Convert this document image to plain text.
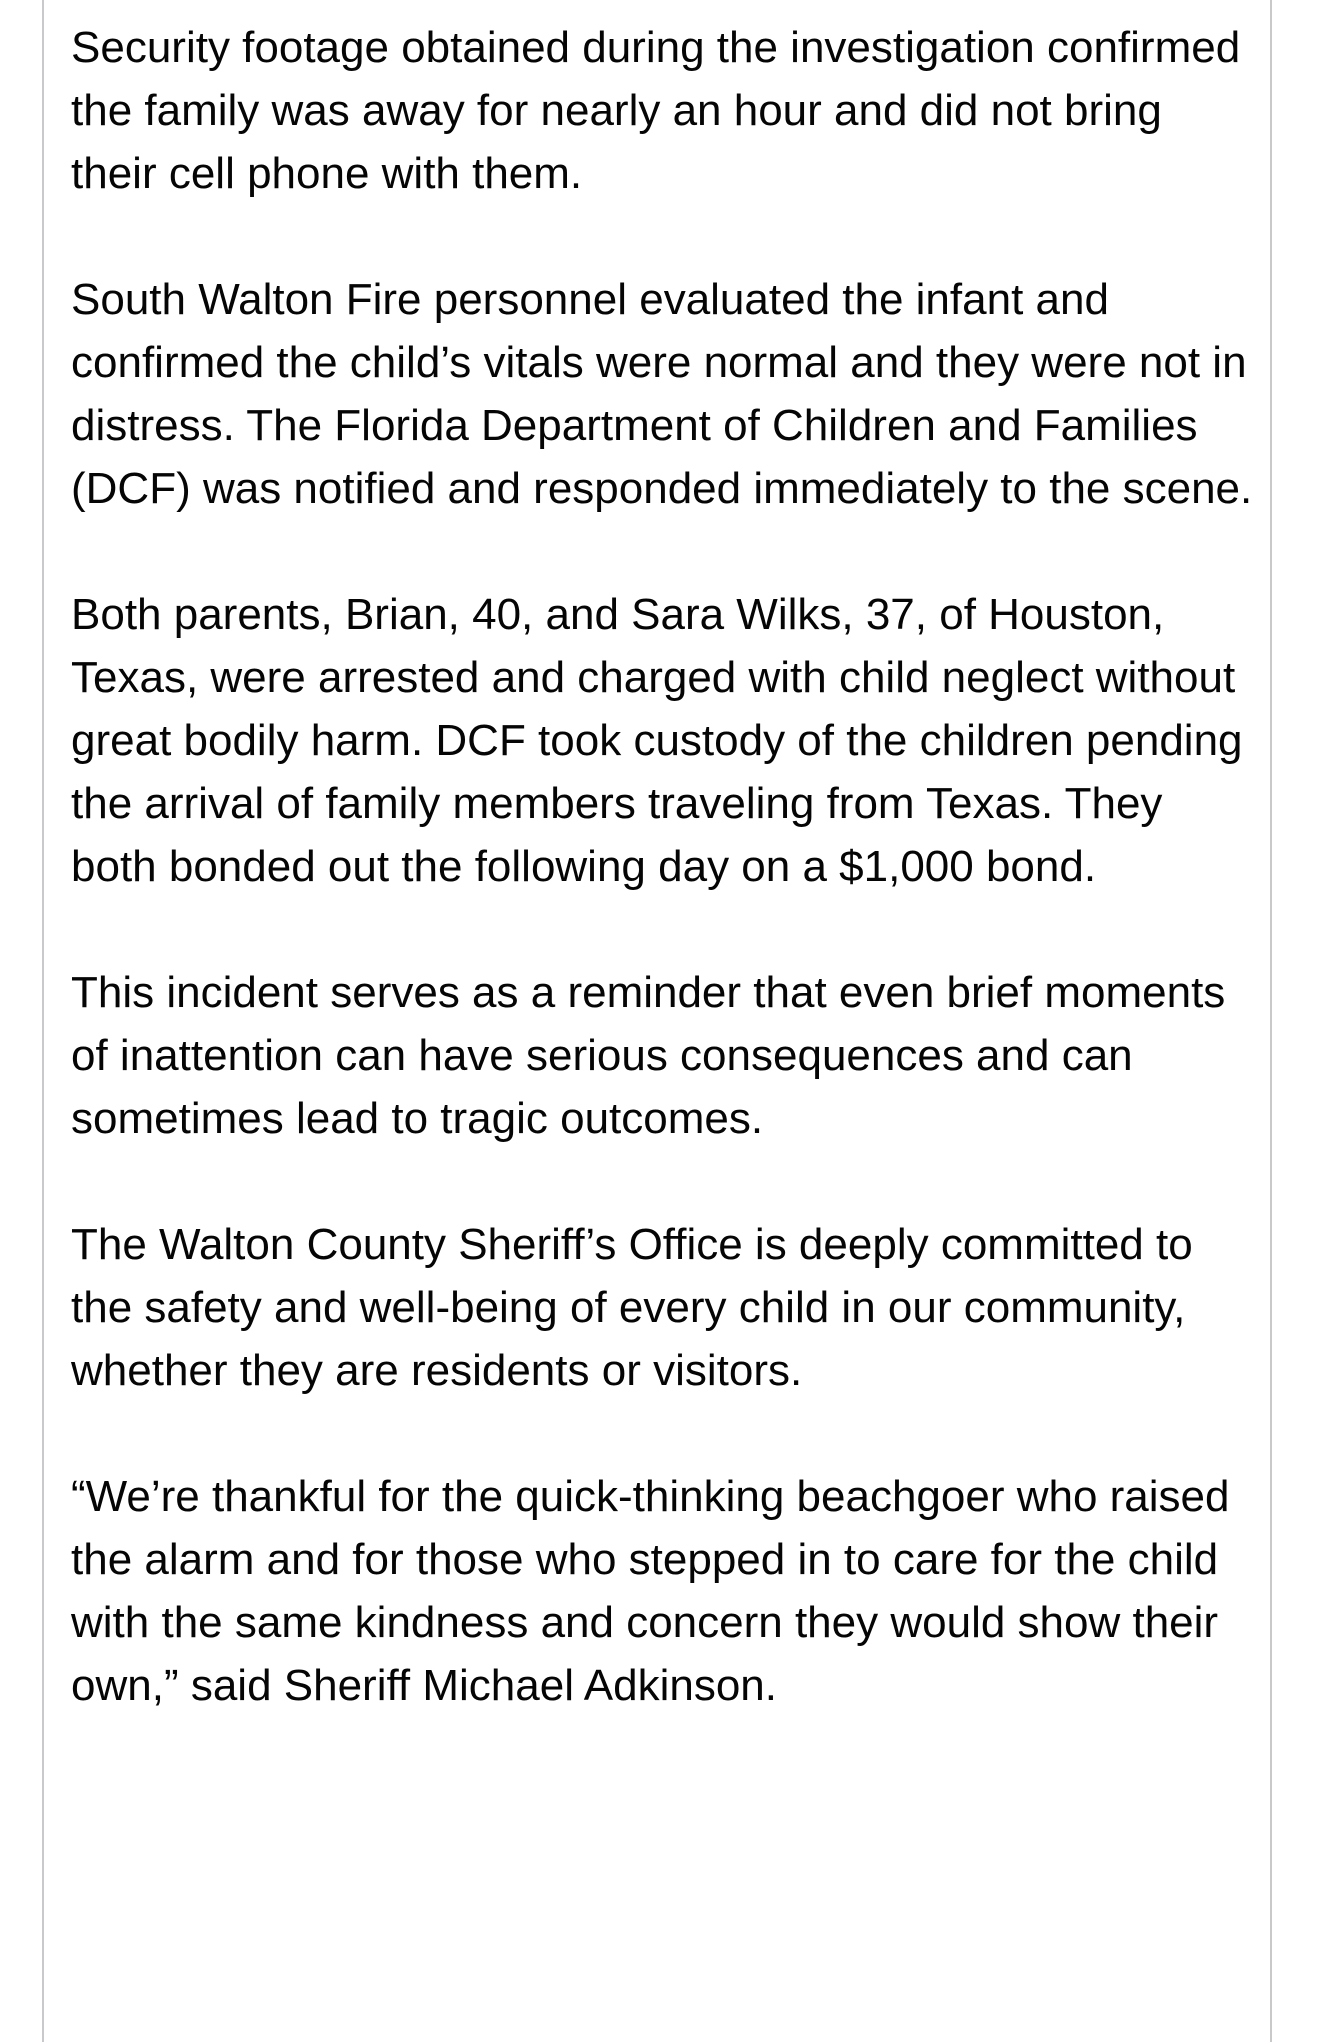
Security footage obtained during the investigation confirmed the family was away for nearly an hour and did not bring their cell phone with them.

South Walton Fire personnel evaluated the infant and confirmed the child’s vitals were normal and they were not in distress. The Florida Department of Children and Families (DCF) was notified and responded immediately to the scene.

Both parents, Brian, 40, and Sara Wilks, 37, of Houston, Texas, were arrested and charged with child neglect without great bodily harm. DCF took custody of the children pending the arrival of family members traveling from Texas. They both bonded out the following day on a $1,000 bond.

This incident serves as a reminder that even brief moments of inattention can have serious consequences and can sometimes lead to tragic outcomes.

The Walton County Sheriff’s Office is deeply committed to the safety and well-being of every child in our community, whether they are residents or visitors.

“We’re thankful for the quick-thinking beachgoer who raised the alarm and for those who stepped in to care for the child with the same kindness and concern they would show their own,” said Sheriff Michael Adkinson.
